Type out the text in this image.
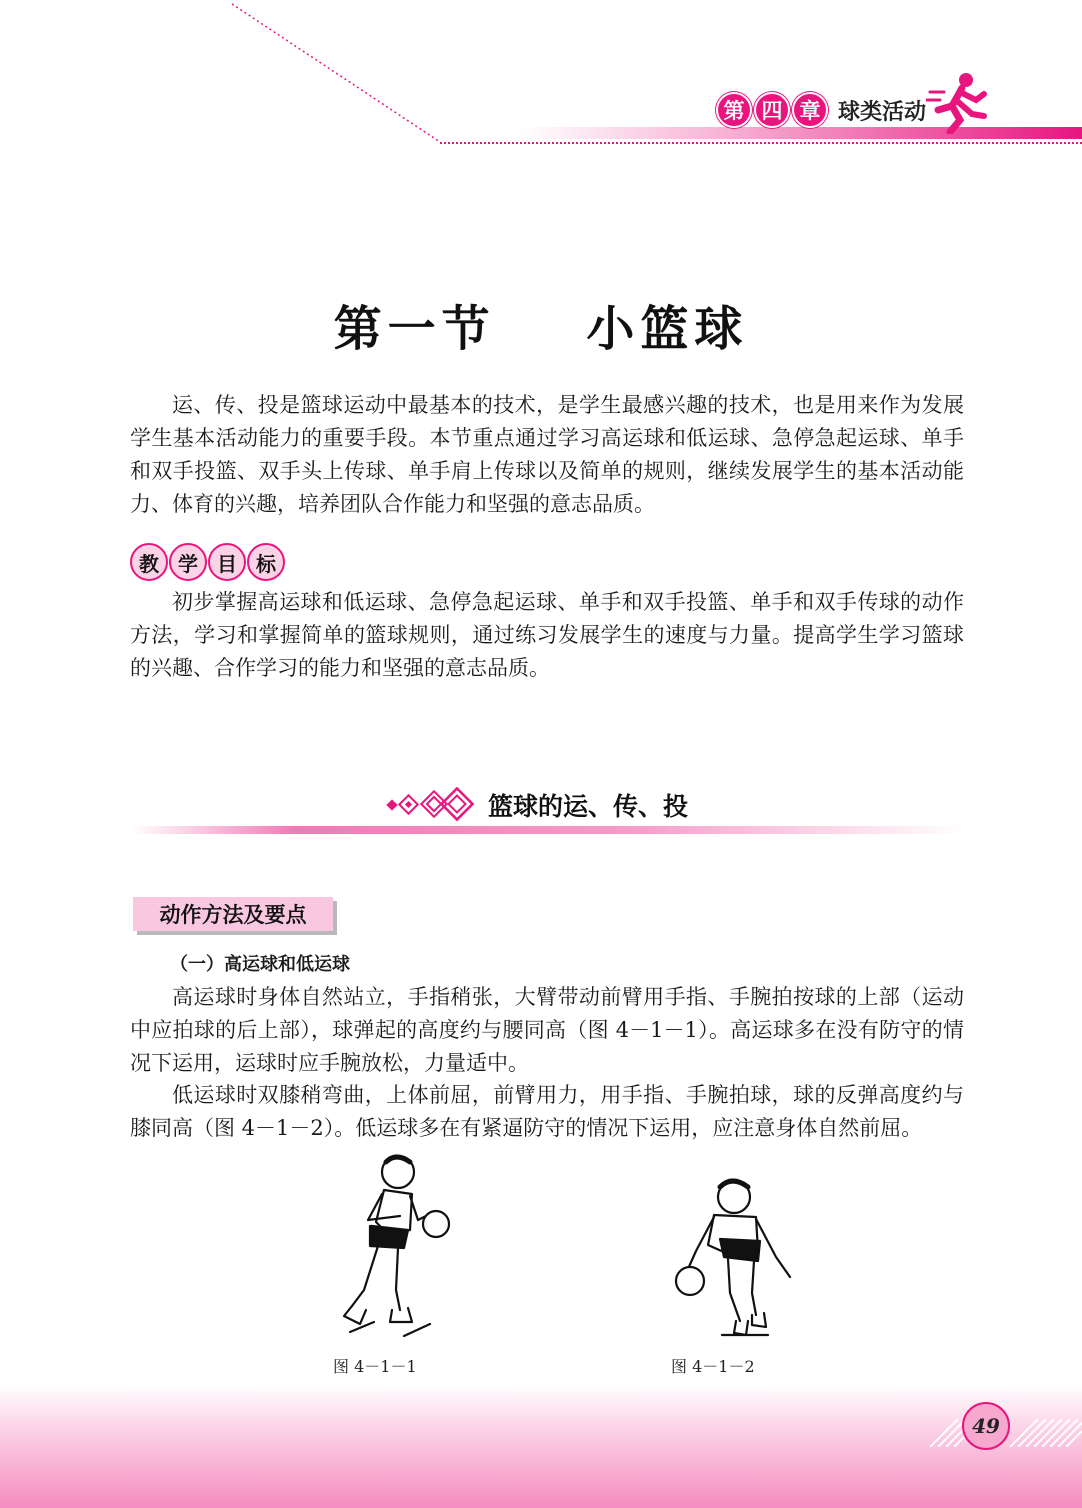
第 四 章 球类活动
第一节    小篮球

运、传、投是篮球运动中最基本的技术，是学生最感兴趣的技术，也是用来作为发展学生基本活动能力的重要手段。本节重点通过学习高运球和低运球、急停急起运球、单手和双手投篮、双手头上传球、单手肩上传球以及简单的规则，继续发展学生的基本活动能力、体育的兴趣，培养团队合作能力和坚强的意志品质。

教 学 目 标

初步掌握高运球和低运球、急停急起运球、单手和双手投篮、单手和双手传球的动作方法，学习和掌握简单的篮球规则，通过练习发展学生的速度与力量。提高学生学习篮球的兴趣、合作学习的能力和坚强的意志品质。

篮球的运、传、投
动作方法及要点
（一）高运球和低运球

高运球时身体自然站立，手指稍张，大臂带动前臂用手指、手腕拍按球的上部（运动中应拍球的后上部），球弹起的高度约与腰同高（图 4－1－1）。高运球多在没有防守的情况下运用，运球时应手腕放松，力量适中。

低运球时双膝稍弯曲，上体前屈，前臂用力，用手指、手腕拍球，球的反弹高度约与膝同高（图 4－1－2）。低运球多在有紧逼防守的情况下运用，应注意身体自然前屈。

图 4－1－1	图 4－1－2
49
